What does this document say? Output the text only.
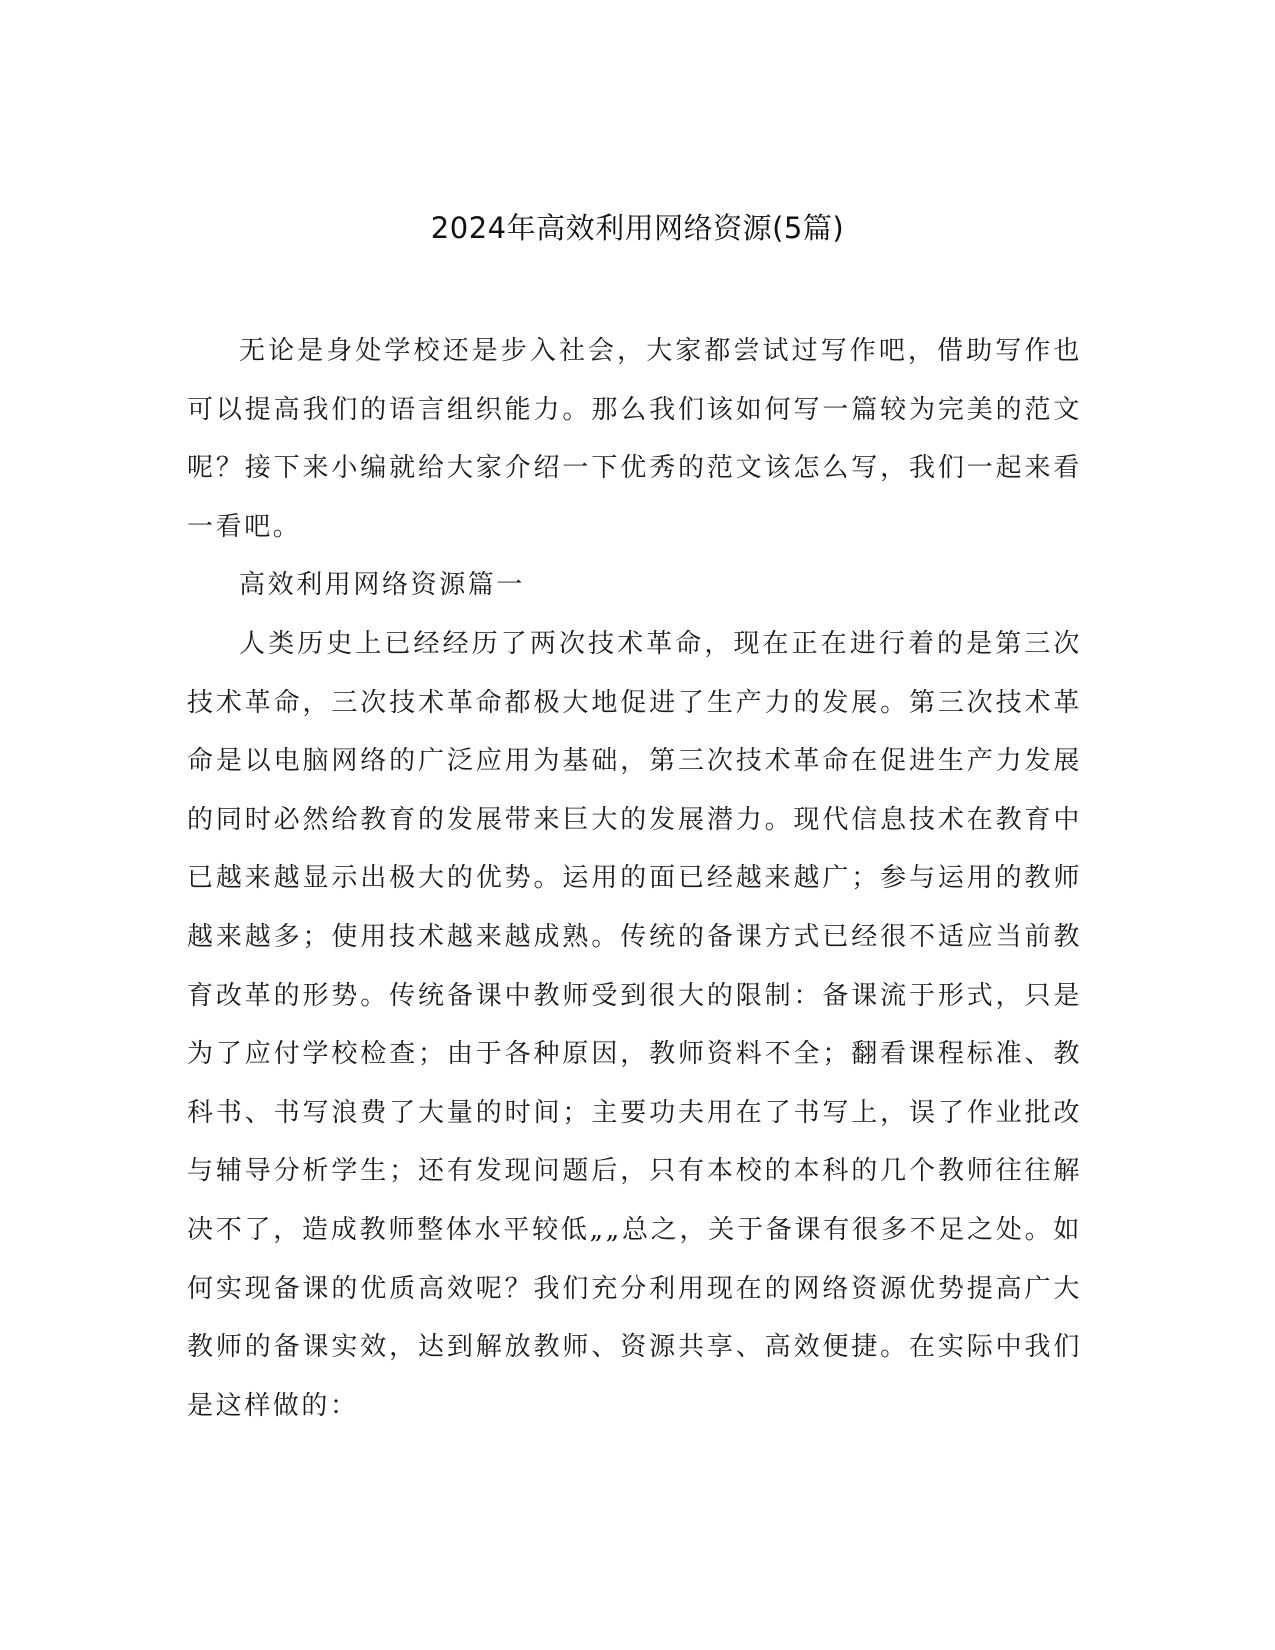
2024年高效利用网络资源(5篇)

无论是身处学校还是步入社会，大家都尝试过写作吧，借助写作也可以提高我们的语言组织能力。那么我们该如何写一篇较为完美的范文呢？接下来小编就给大家介绍一下优秀的范文该怎么写，我们一起来看一看吧。

高效利用网络资源篇一

人类历史上已经经历了两次技术革命，现在正在进行着的是第三次技术革命，三次技术革命都极大地促进了生产力的发展。第三次技术革命是以电脑网络的广泛应用为基础，第三次技术革命在促进生产力发展的同时必然给教育的发展带来巨大的发展潜力。现代信息技术在教育中已越来越显示出极大的优势。运用的面已经越来越广；参与运用的教师越来越多；使用技术越来越成熟。传统的备课方式已经很不适应当前教育改革的形势。传统备课中教师受到很大的限制：备课流于形式，只是为了应付学校检查；由于各种原因，教师资料不全；翻看课程标准、教科书、书写浪费了大量的时间；主要功夫用在了书写上，误了作业批改与辅导分析学生；还有发现问题后，只有本校的本科的几个教师往往解决不了，造成教师整体水平较低„„总之，关于备课有很多不足之处。如何实现备课的优质高效呢？我们充分利用现在的网络资源优势提高广大教师的备课实效，达到解放教师、资源共享、高效便捷。在实际中我们是这样做的：
